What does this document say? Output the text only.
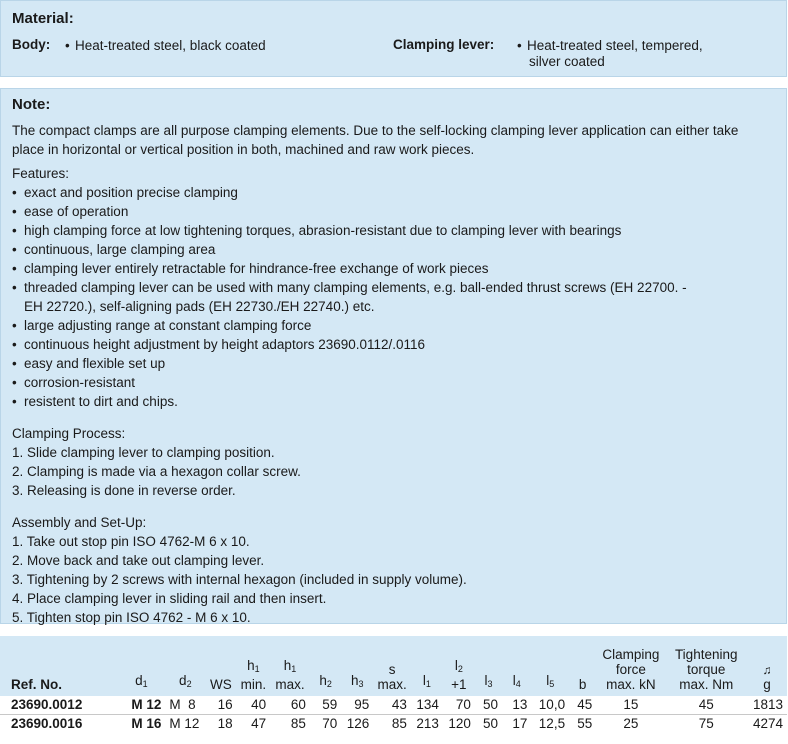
Material:
Body:	• Heat-treated steel, black coated	Clamping lever:	• Heat-treated steel, tempered,
silver coated
Note:

The compact clamps are all purpose clamping elements. Due to the self-locking clamping lever application can either take

place in horizontal or vertical position in both, machined and raw work pieces.

Features:

• exact and position precise clamping
• ease of operation
• high clamping force at low tightening torques, abrasion-resistant due to clamping lever with bearings
• continuous, large clamping area
• clamping lever entirely retractable for hindrance-free exchange of work pieces
• threaded clamping lever can be used with many clamping elements, e.g. ball-ended thrust screws (EH 22700. -
EH 22720.), self-aligning pads (EH 22730./EH 22740.) etc.
• large adjusting range at constant clamping force
• continuous height adjustment by height adaptors 23690.0112/.0116
• easy and flexible set up
• corrosion-resistant
• resistent to dirt and chips.

Clamping Process:

1. Slide clamping lever to clamping position.

2. Clamping is made via a hexagon collar screw.

3. Releasing is done in reverse order.

Assembly and Set-Up:

1. Take out stop pin ISO 4762-M 6 x 10.

2. Move back and take out clamping lever.

3. Tightening by 2 screws with internal hexagon (included in supply volume).

4. Place clamping lever in sliding rail and then insert.

5. Tighten stop pin ISO 4762 - M 6 x 10.

Ref. No.	$d_1$	$d_2$	WS	$h_1$
min.	$h_1$
max.	$h_2$	$h_3$	s
max.	$l_1$	$l_2$
+1	$l_3$	$l_4$	$l_5$	b	Clamping
force
max. kN	Tightening
torque
max. Nm	♫
g
23690.0012	M 12	M  8	16	40	60	59	95	43	134	70	50	13	10,0	45	15	45	1813
23690.0016	M 16	M 12	18	47	85	70	126	85	213	120	50	17	12,5	55	25	75	4274
